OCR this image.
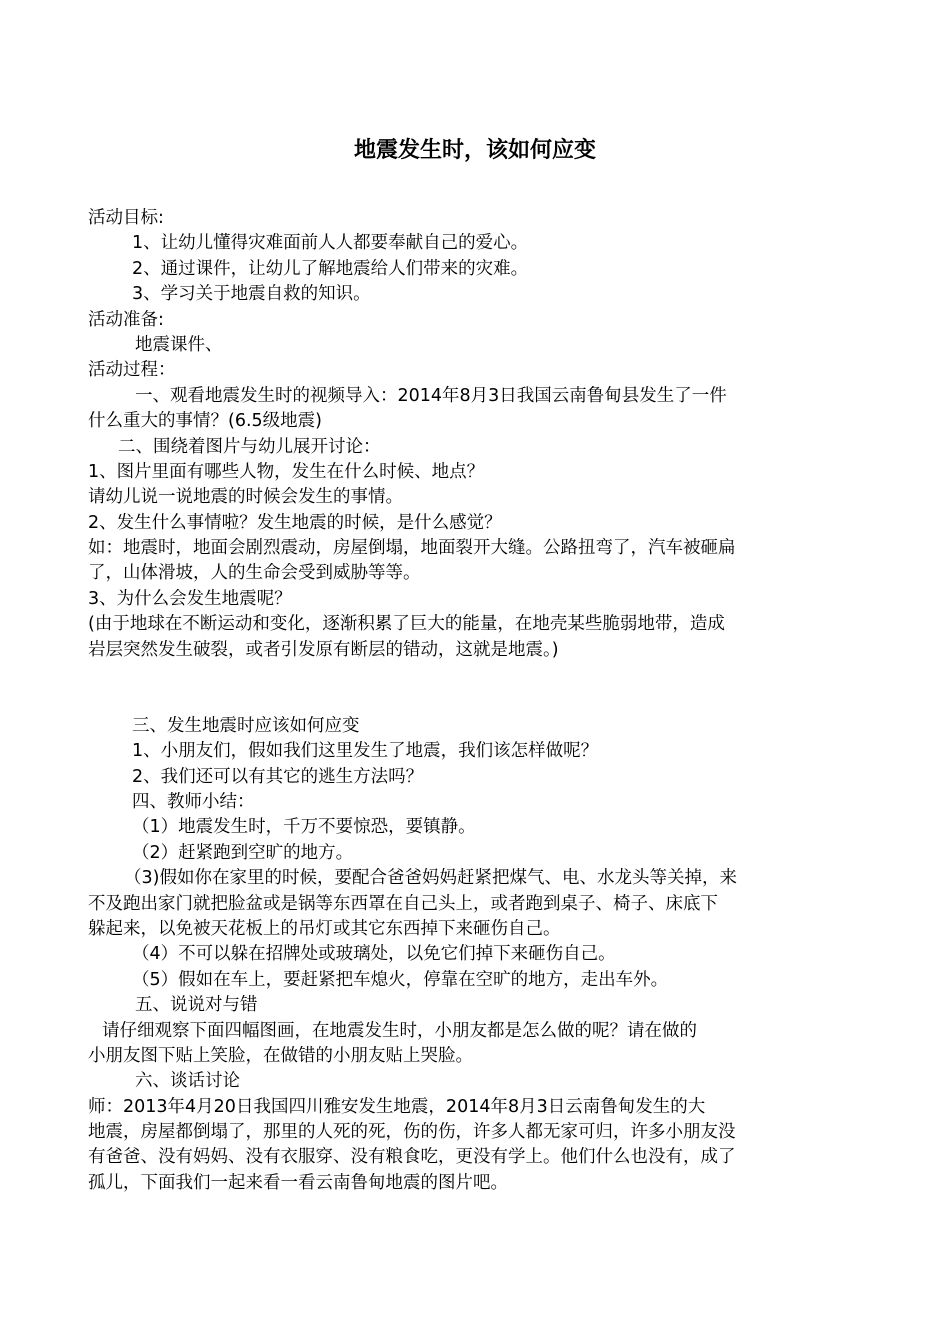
地震发生时，该如何应变
活动目标:
1、让幼儿懂得灾难面前人人都要奉献自己的爱心。
2、通过课件，让幼儿了解地震给人们带来的灾难。
3、学习关于地震自救的知识。
活动准备:
地震课件、
活动过程：
一、观看地震发生时的视频导入：2014年8月3日我国云南鲁甸县发生了一件
什么重大的事情？(6.5级地震)
二、围绕着图片与幼儿展开讨论：
1、图片里面有哪些人物，发生在什么时候、地点？
请幼儿说一说地震的时候会发生的事情。
2、发生什么事情啦？发生地震的时候，是什么感觉？
如：地震时，地面会剧烈震动，房屋倒塌，地面裂开大缝。公路扭弯了，汽车被砸扁
了，山体滑坡，人的生命会受到威胁等等。
3、为什么会发生地震呢？
(由于地球在不断运动和变化，逐渐积累了巨大的能量，在地壳某些脆弱地带，造成
岩层突然发生破裂，或者引发原有断层的错动，这就是地震。)
三、发生地震时应该如何应变
1、小朋友们，假如我们这里发生了地震，我们该怎样做呢？
2、我们还可以有其它的逃生方法吗？
四、教师小结：
（1）地震发生时，千万不要惊恐，要镇静。
（2）赶紧跑到空旷的地方。
（3)假如你在家里的时候，要配合爸爸妈妈赶紧把煤气、电、水龙头等关掉，来
不及跑出家门就把脸盆或是锅等东西罩在自己头上，或者跑到桌子、椅子、床底下
躲起来，以免被天花板上的吊灯或其它东西掉下来砸伤自己。
（4）不可以躲在招牌处或玻璃处，以免它们掉下来砸伤自己。
（5）假如在车上，要赶紧把车熄火，停靠在空旷的地方，走出车外。
五、说说对与错
请仔细观察下面四幅图画，在地震发生时，小朋友都是怎么做的呢？请在做的
小朋友图下贴上笑脸，在做错的小朋友贴上哭脸。
六、谈话讨论
师：2013年4月20日我国四川雅安发生地震，2014年8月3日云南鲁甸发生的大
地震，房屋都倒塌了，那里的人死的死，伤的伤，许多人都无家可归，许多小朋友没
有爸爸、没有妈妈、没有衣服穿、没有粮食吃，更没有学上。他们什么也没有，成了
孤儿，下面我们一起来看一看云南鲁甸地震的图片吧。
